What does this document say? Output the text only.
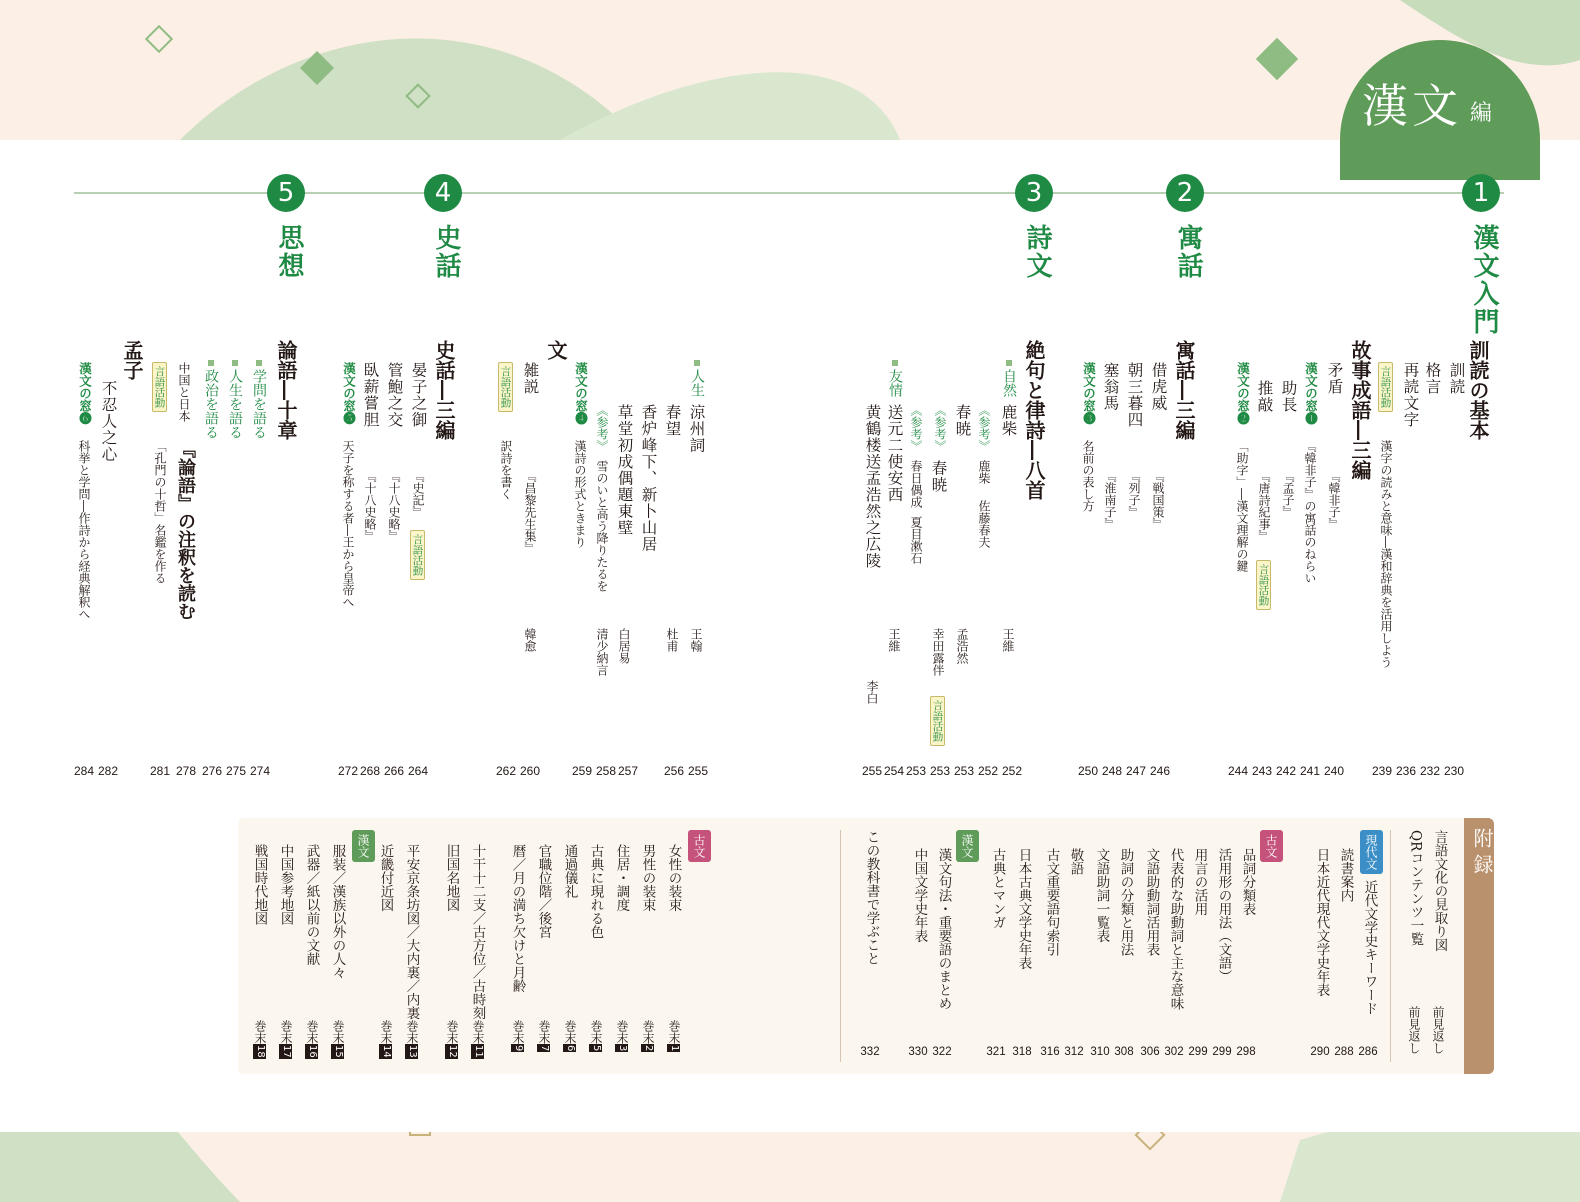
漢文 編
1
漢文入門
2
寓話
3
詩文
4
史話
5
思想
訓読の基本
訓読
格言
再読文字
言語活動
漢字の読みと意味―漢和辞典を活用しよう
故事成語―三編
矛盾
『韓非子』
漢文の窓❶
『韓非子』の寓話のねらい
助長
『孟子』
推敲
『唐詩紀事』
言語活動
漢文の窓❷
「助字」―漢文理解の鍵
230
232
236
239
240
241
242
243
244
寓話―三編
借虎威
『戦国策』
朝三暮四
『列子』
塞翁馬
『淮南子』
漢文の窓❸
名前の表し方
246
247
248
250
絶句と律詩―八首
自然
鹿柴
王維
《参考》
鹿柴
佐藤春夫
春暁
孟浩然
《参考》
春暁
幸田露伴
言語活動
友情
送元二使安西
王維
《参考》
春日偶成
夏目漱石
黄鶴楼送孟浩然之広陵
李白
252
252
253
253
253
254
255
人生
涼州詞
王翰
春望
杜甫
香炉峰下、新卜山居
草堂初成偶題東壁
白居易
《参考》
雪のいと高う降りたるを
清少納言
漢文の窓❹
漢詩の形式ときまり
文
雑説
『昌黎先生集』
韓愈
言語活動
訳詩を書く
255
256
257
258
259
260
262
史話―三編
晏子之御
『史記』
言語活動
管鮑之交
『十八史略』
臥薪嘗胆
『十八史略』
漢文の窓❺
天子を称する者―王から皇帝へ
264
266
268
272
論語―十章
学問を語る
人生を語る
政治を語る
中国と日本
『論語』の注釈を読む
言語活動
「孔門の十哲」名鑑を作る
孟子
不忍人之心
漢文の窓❻
科挙と学問―作詩から経典解釈へ
274
275
276
278
281
282
284
附録
言語文化の見取り図
前見返し
QRコンテンツ一覧
前見返し
現代文
近代文学史キーワード
読書案内
日本近代現代文学史年表
286
288
290
古文
品詞分類表
活用形の用法（文語）
用言の活用
代表的な助動詞と主な意味
文語助動詞活用表
助詞の分類と用法
文語助詞一覧表
敬語
古文重要語句索引
日本古典文学史年表
古典とマンガ
298
299
299
302
306
308
310
312
316
318
321
漢文
漢文句法・重要語のまとめ
中国文学史年表
この教科書で学ぶこと
322
330
332
古文
女性の装束
男性の装束
住居・調度
古典に現れる色
通過儀礼
官職位階／後宮
暦／月の満ち欠けと月齢
十干十二支／古方位／古時刻
旧国名地図
平安京条坊図／大内裏／内裏
近畿付近図
漢文
服装／漢族以外の人々
武器／紙以前の文献
中国参考地図
戦国時代地図
巻末1
巻末2
巻末3
巻末5
巻末6
巻末7
巻末9
巻末11
巻末12
巻末13
巻末14
巻末15
巻末16
巻末17
巻末18
